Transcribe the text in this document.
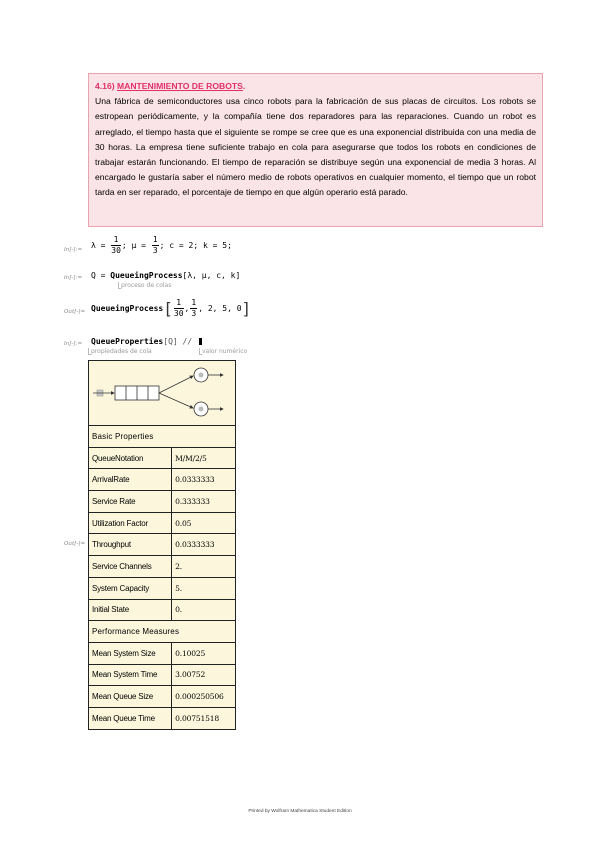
4.16) MANTENIMIENTO DE ROBOTS.
Una fábrica de semiconductores usa cinco robots para la fabricación de sus placas de circuitos. Los robots se estropean periódicamente, y la compañía tiene dos reparadores para las reparaciones. Cuando un robot es arreglado, el tiempo hasta que el siguiente se rompe se cree que es una exponencial distribuida con una media de 30 horas. La empresa tiene suficiente trabajo en cola para asegurarse que todos los robots en condiciones de trabajar estarán funcionando. El tiempo de reparación se distribuye según una exponencial de media 3 horas. Al encargado le gustaría saber el número medio de robots operativos en cualquier momento, el tiempo que un robot tarda en ser reparado, el porcentaje de tiempo en que algún operario está parado.
In[-]:= $\lambda = \frac{1}{30}$ ; $\mu = \frac{1}{3}$ ; c = 2; k = 5;
In[-]:= Q = QueueingProcess[λ, μ, c, k]
proceso de colas
Out[-]= QueueingProcess[ $\frac{1}{30}$ , $\frac{1}{3}$ , 2, 5, 0]
In[-]:= QueueProperties[Q] //
propiedades de cola	valor numérico
Out[-]=

Basic Properties	
QueueNotation	M/M/2/5
ArrivalRate	0.0333333
Service Rate	0.333333
Utilization Factor	0.05
Throughput	0.0333333
Service Channels	2.
System Capacity	5.
Initial State	0.
Performance Measures	
Mean System Size	0.10025
Mean System Time	3.00752
Mean Queue Size	0.000250506
Mean Queue Time	0.00751518
Printed by Wolfram Mathematica Student Edition
